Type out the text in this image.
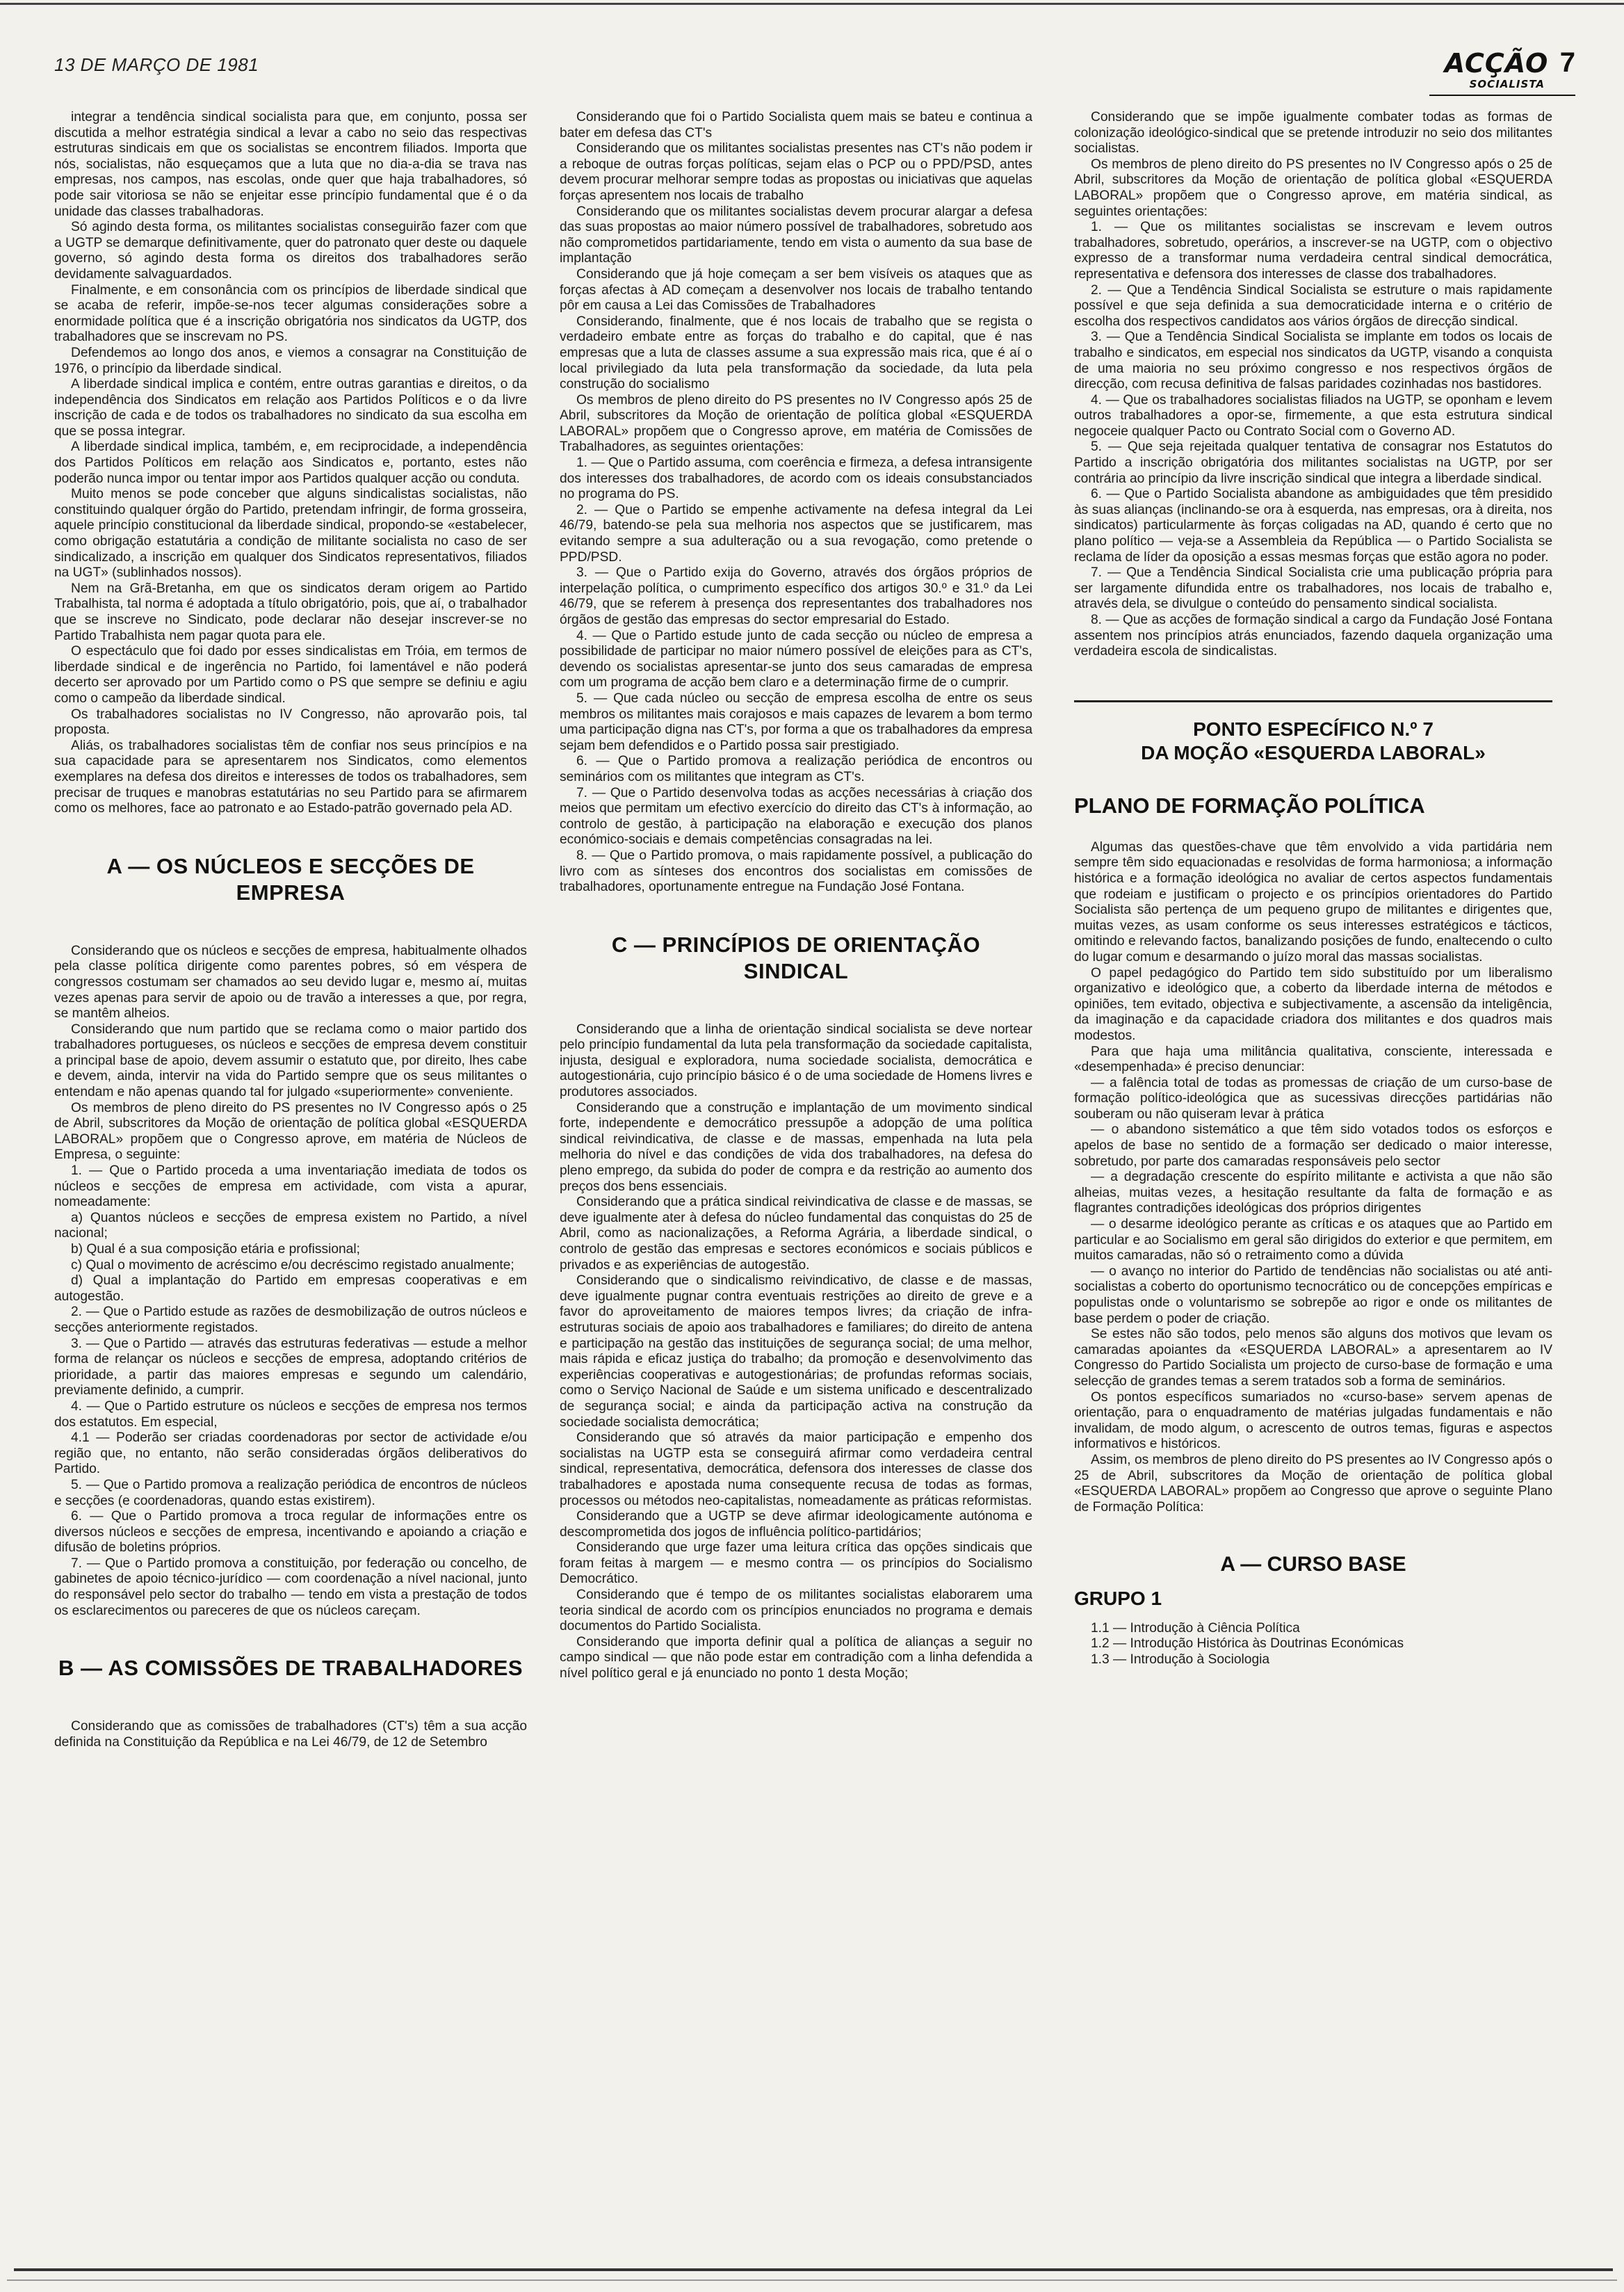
13 DE MARÇO DE 1981	ACÇÃO 7
SOCIALISTA

integrar a tendência sindical socialista para que, em conjunto, possa ser discutida a melhor estratégia sindical a levar a cabo no seio das respectivas estruturas sindicais em que os socialistas se encontrem filiados. Importa que nós, socialistas, não esqueçamos que a luta que no dia-a-dia se trava nas empresas, nos campos, nas escolas, onde quer que haja trabalhadores, só pode sair vitoriosa se não se enjeitar esse princípio fundamental que é o da unidade das classes trabalhadoras.

Só agindo desta forma, os militantes socialistas conseguirão fazer com que a UGTP se demarque definitivamente, quer do patronato quer deste ou daquele governo, só agindo desta forma os direitos dos trabalhadores serão devidamente salvaguardados.

Finalmente, e em consonância com os princípios de liberdade sindical que se acaba de referir, impõe-se-nos tecer algumas considerações sobre a enormidade política que é a inscrição obrigatória nos sindicatos da UGTP, dos trabalhadores que se inscrevam no PS.

Defendemos ao longo dos anos, e viemos a consagrar na Constituição de 1976, o princípio da liberdade sindical.

A liberdade sindical implica e contém, entre outras garantias e direitos, o da independência dos Sindicatos em relação aos Partidos Políticos e o da livre inscrição de cada e de todos os trabalhadores no sindicato da sua escolha em que se possa integrar.

A liberdade sindical implica, também, e, em reciprocidade, a independência dos Partidos Políticos em relação aos Sindicatos e, portanto, estes não poderão nunca impor ou tentar impor aos Partidos qualquer acção ou conduta.

Muito menos se pode conceber que alguns sindicalistas socialistas, não constituindo qualquer órgão do Partido, pretendam infringir, de forma grosseira, aquele princípio constitucional da liberdade sindical, propondo-se «estabelecer, como obrigação estatutária a condição de militante socialista no caso de ser sindicalizado, a inscrição em qualquer dos Sindicatos representativos, filiados na UGT» (sublinhados nossos).

Nem na Grã-Bretanha, em que os sindicatos deram origem ao Partido Trabalhista, tal norma é adoptada a título obrigatório, pois, que aí, o trabalhador que se inscreve no Sindicato, pode declarar não desejar inscrever-se no Partido Trabalhista nem pagar quota para ele.

O espectáculo que foi dado por esses sindicalistas em Tróia, em termos de liberdade sindical e de ingerência no Partido, foi lamentável e não poderá decerto ser aprovado por um Partido como o PS que sempre se definiu e agiu como o campeão da liberdade sindical.

Os trabalhadores socialistas no IV Congresso, não aprovarão pois, tal proposta.

Aliás, os trabalhadores socialistas têm de confiar nos seus princípios e na sua capacidade para se apresentarem nos Sindicatos, como elementos exemplares na defesa dos direitos e interesses de todos os trabalhadores, sem precisar de truques e manobras estatutárias no seu Partido para se afirmarem como os melhores, face ao patronato e ao Estado-patrão governado pela AD.

A — OS NÚCLEOS E SECÇÕES DE EMPRESA

Considerando que os núcleos e secções de empresa, habitualmente olhados pela classe política dirigente como parentes pobres, só em véspera de congressos costumam ser chamados ao seu devido lugar e, mesmo aí, muitas vezes apenas para servir de apoio ou de travão a interesses a que, por regra, se mantêm alheios.

Considerando que num partido que se reclama como o maior partido dos trabalhadores portugueses, os núcleos e secções de empresa devem constituir a principal base de apoio, devem assumir o estatuto que, por direito, lhes cabe e devem, ainda, intervir na vida do Partido sempre que os seus militantes o entendam e não apenas quando tal for julgado «superiormente» conveniente.

Os membros de pleno direito do PS presentes no IV Congresso após o 25 de Abril, subscritores da Moção de orientação de política global «ESQUERDA LABORAL» propõem que o Congresso aprove, em matéria de Núcleos de Empresa, o seguinte:

1. — Que o Partido proceda a uma inventariação imediata de todos os núcleos e secções de empresa em actividade, com vista a apurar, nomeadamente:

a) Quantos núcleos e secções de empresa existem no Partido, a nível nacional;

b) Qual é a sua composição etária e profissional;

c) Qual o movimento de acréscimo e/ou decréscimo registado anualmente;

d) Qual a implantação do Partido em empresas cooperativas e em autogestão.

2. — Que o Partido estude as razões de desmobilização de outros núcleos e secções anteriormente registados.

3. — Que o Partido — através das estruturas federativas — estude a melhor forma de relançar os núcleos e secções de empresa, adoptando critérios de prioridade, a partir das maiores empresas e segundo um calendário, previamente definido, a cumprir.

4. — Que o Partido estruture os núcleos e secções de empresa nos termos dos estatutos. Em especial,

4.1 — Poderão ser criadas coordenadoras por sector de actividade e/ou região que, no entanto, não serão consideradas órgãos deliberativos do Partido.

5. — Que o Partido promova a realização periódica de encontros de núcleos e secções (e coordenadoras, quando estas existirem).

6. — Que o Partido promova a troca regular de informações entre os diversos núcleos e secções de empresa, incentivando e apoiando a criação e difusão de boletins próprios.

7. — Que o Partido promova a constituição, por federação ou concelho, de gabinetes de apoio técnico-jurídico — com coordenação a nível nacional, junto do responsável pelo sector do trabalho — tendo em vista a prestação de todos os esclarecimentos ou pareceres de que os núcleos careçam.

B — AS COMISSÕES DE TRABALHADORES

Considerando que as comissões de trabalhadores (CT's) têm a sua acção definida na Constituição da República e na Lei 46/79, de 12 de Setembro

Considerando que foi o Partido Socialista quem mais se bateu e continua a bater em defesa das CT's

Considerando que os militantes socialistas presentes nas CT's não podem ir a reboque de outras forças políticas, sejam elas o PCP ou o PPD/PSD, antes devem procurar melhorar sempre todas as propostas ou iniciativas que aquelas forças apresentem nos locais de trabalho

Considerando que os militantes socialistas devem procurar alargar a defesa das suas propostas ao maior número possível de trabalhadores, sobretudo aos não comprometidos partidariamente, tendo em vista o aumento da sua base de implantação

Considerando que já hoje começam a ser bem visíveis os ataques que as forças afectas à AD começam a desenvolver nos locais de trabalho tentando pôr em causa a Lei das Comissões de Trabalhadores

Considerando, finalmente, que é nos locais de trabalho que se regista o verdadeiro embate entre as forças do trabalho e do capital, que é nas empresas que a luta de classes assume a sua expressão mais rica, que é aí o local privilegiado da luta pela transformação da sociedade, da luta pela construção do socialismo

Os membros de pleno direito do PS presentes no IV Congresso após 25 de Abril, subscritores da Moção de orientação de política global «ESQUERDA LABORAL» propõem que o Congresso aprove, em matéria de Comissões de Trabalhadores, as seguintes orientações:

1. — Que o Partido assuma, com coerência e firmeza, a defesa intransigente dos interesses dos trabalhadores, de acordo com os ideais consubstanciados no programa do PS.

2. — Que o Partido se empenhe activamente na defesa integral da Lei 46/79, batendo-se pela sua melhoria nos aspectos que se justificarem, mas evitando sempre a sua adulteração ou a sua revogação, como pretende o PPD/PSD.

3. — Que o Partido exija do Governo, através dos órgãos próprios de interpelação política, o cumprimento específico dos artigos 30.º e 31.º da Lei 46/79, que se referem à presença dos representantes dos trabalhadores nos órgãos de gestão das empresas do sector empresarial do Estado.

4. — Que o Partido estude junto de cada secção ou núcleo de empresa a possibilidade de participar no maior número possível de eleições para as CT's, devendo os socialistas apresentar-se junto dos seus camaradas de empresa com um programa de acção bem claro e a determinação firme de o cumprir.

5. — Que cada núcleo ou secção de empresa escolha de entre os seus membros os militantes mais corajosos e mais capazes de levarem a bom termo uma participação digna nas CT's, por forma a que os trabalhadores da empresa sejam bem defendidos e o Partido possa sair prestigiado.

6. — Que o Partido promova a realização periódica de encontros ou seminários com os militantes que integram as CT's.

7. — Que o Partido desenvolva todas as acções necessárias à criação dos meios que permitam um efectivo exercício do direito das CT's à informação, ao controlo de gestão, à participação na elaboração e execução dos planos económico-sociais e demais competências consagradas na lei.

8. — Que o Partido promova, o mais rapidamente possível, a publicação do livro com as sínteses dos encontros dos socialistas em comissões de trabalhadores, oportunamente entregue na Fundação José Fontana.

C — PRINCÍPIOS DE ORIENTAÇÃO SINDICAL

Considerando que a linha de orientação sindical socialista se deve nortear pelo princípio fundamental da luta pela transformação da sociedade capitalista, injusta, desigual e exploradora, numa sociedade socialista, democrática e autogestionária, cujo princípio básico é o de uma sociedade de Homens livres e produtores associados.

Considerando que a construção e implantação de um movimento sindical forte, independente e democrático pressupõe a adopção de uma política sindical reivindicativa, de classe e de massas, empenhada na luta pela melhoria do nível e das condições de vida dos trabalhadores, na defesa do pleno emprego, da subida do poder de compra e da restrição ao aumento dos preços dos bens essenciais.

Considerando que a prática sindical reivindicativa de classe e de massas, se deve igualmente ater à defesa do núcleo fundamental das conquistas do 25 de Abril, como as nacionalizações, a Reforma Agrária, a liberdade sindical, o controlo de gestão das empresas e sectores económicos e sociais públicos e privados e as experiências de autogestão.

Considerando que o sindicalismo reivindicativo, de classe e de massas, deve igualmente pugnar contra eventuais restrições ao direito de greve e a favor do aproveitamento de maiores tempos livres; da criação de infra-estruturas sociais de apoio aos trabalhadores e familiares; do direito de antena e participação na gestão das instituições de segurança social; de uma melhor, mais rápida e eficaz justiça do trabalho; da promoção e desenvolvimento das experiências cooperativas e autogestionárias; de profundas reformas sociais, como o Serviço Nacional de Saúde e um sistema unificado e descentralizado de segurança social; e ainda da participação activa na construção da sociedade socialista democrática;

Considerando que só através da maior participação e empenho dos socialistas na UGTP esta se conseguirá afirmar como verdadeira central sindical, representativa, democrática, defensora dos interesses de classe dos trabalhadores e apostada numa consequente recusa de todas as formas, processos ou métodos neo-capitalistas, nomeadamente as práticas reformistas.

Considerando que a UGTP se deve afirmar ideologicamente autónoma e descomprometida dos jogos de influência político-partidários;

Considerando que urge fazer uma leitura crítica das opções sindicais que foram feitas à margem — e mesmo contra — os princípios do Socialismo Democrático.

Considerando que é tempo de os militantes socialistas elaborarem uma teoria sindical de acordo com os princípios enunciados no programa e demais documentos do Partido Socialista.

Considerando que importa definir qual a política de alianças a seguir no campo sindical — que não pode estar em contradição com a linha defendida a nível político geral e já enunciado no ponto 1 desta Moção;

Considerando que se impõe igualmente combater todas as formas de colonização ideológico-sindical que se pretende introduzir no seio dos militantes socialistas.

Os membros de pleno direito do PS presentes no IV Congresso após o 25 de Abril, subscritores da Moção de orientação de política global «ESQUERDA LABORAL» propõem que o Congresso aprove, em matéria sindical, as seguintes orientações:

1. — Que os militantes socialistas se inscrevam e levem outros trabalhadores, sobretudo, operários, a inscrever-se na UGTP, com o objectivo expresso de a transformar numa verdadeira central sindical democrática, representativa e defensora dos interesses de classe dos trabalhadores.

2. — Que a Tendência Sindical Socialista se estruture o mais rapidamente possível e que seja definida a sua democraticidade interna e o critério de escolha dos respectivos candidatos aos vários órgãos de direcção sindical.

3. — Que a Tendência Sindical Socialista se implante em todos os locais de trabalho e sindicatos, em especial nos sindicatos da UGTP, visando a conquista de uma maioria no seu próximo congresso e nos respectivos órgãos de direcção, com recusa definitiva de falsas paridades cozinhadas nos bastidores.

4. — Que os trabalhadores socialistas filiados na UGTP, se oponham e levem outros trabalhadores a opor-se, firmemente, a que esta estrutura sindical negoceie qualquer Pacto ou Contrato Social com o Governo AD.

5. — Que seja rejeitada qualquer tentativa de consagrar nos Estatutos do Partido a inscrição obrigatória dos militantes socialistas na UGTP, por ser contrária ao princípio da livre inscrição sindical que integra a liberdade sindical.

6. — Que o Partido Socialista abandone as ambiguidades que têm presidido às suas alianças (inclinando-se ora à esquerda, nas empresas, ora à direita, nos sindicatos) particularmente às forças coligadas na AD, quando é certo que no plano político — veja-se a Assembleia da República — o Partido Socialista se reclama de líder da oposição a essas mesmas forças que estão agora no poder.

7. — Que a Tendência Sindical Socialista crie uma publicação própria para ser largamente difundida entre os trabalhadores, nos locais de trabalho e, através dela, se divulgue o conteúdo do pensamento sindical socialista.

8. — Que as acções de formação sindical a cargo da Fundação José Fontana assentem nos princípios atrás enunciados, fazendo daquela organização uma verdadeira escola de sindicalistas.

PONTO ESPECÍFICO N.º 7
DA MOÇÃO «ESQUERDA LABORAL»
PLANO DE FORMAÇÃO POLÍTICA

Algumas das questões-chave que têm envolvido a vida partidária nem sempre têm sido equacionadas e resolvidas de forma harmoniosa; a informação histórica e a formação ideológica no avaliar de certos aspectos fundamentais que rodeiam e justificam o projecto e os princípios orientadores do Partido Socialista são pertença de um pequeno grupo de militantes e dirigentes que, muitas vezes, as usam conforme os seus interesses estratégicos e tácticos, omitindo e relevando factos, banalizando posições de fundo, enaltecendo o culto do lugar comum e desarmando o juízo moral das massas socialistas.

O papel pedagógico do Partido tem sido substituído por um liberalismo organizativo e ideológico que, a coberto da liberdade interna de métodos e opiniões, tem evitado, objectiva e subjectivamente, a ascensão da inteligência, da imaginação e da capacidade criadora dos militantes e dos quadros mais modestos.

Para que haja uma militância qualitativa, consciente, interessada e «desempenhada» é preciso denunciar:

— a falência total de todas as promessas de criação de um curso-base de formação político-ideológica que as sucessivas direcções partidárias não souberam ou não quiseram levar à prática

— o abandono sistemático a que têm sido votados todos os esforços e apelos de base no sentido de a formação ser dedicado o maior interesse, sobretudo, por parte dos camaradas responsáveis pelo sector

— a degradação crescente do espírito militante e activista a que não são alheias, muitas vezes, a hesitação resultante da falta de formação e as flagrantes contradições ideológicas dos próprios dirigentes

— o desarme ideológico perante as críticas e os ataques que ao Partido em particular e ao Socialismo em geral são dirigidos do exterior e que permitem, em muitos camaradas, não só o retraimento como a dúvida

— o avanço no interior do Partido de tendências não socialistas ou até anti-socialistas a coberto do oportunismo tecnocrático ou de concepções empíricas e populistas onde o voluntarismo se sobrepõe ao rigor e onde os militantes de base perdem o poder de criação.

Se estes não são todos, pelo menos são alguns dos motivos que levam os camaradas apoiantes da «ESQUERDA LABORAL» a apresentarem ao IV Congresso do Partido Socialista um projecto de curso-base de formação e uma selecção de grandes temas a serem tratados sob a forma de seminários.

Os pontos específicos sumariados no «curso-base» servem apenas de orientação, para o enquadramento de matérias julgadas fundamentais e não invalidam, de modo algum, o acrescento de outros temas, figuras e aspectos informativos e históricos.

Assim, os membros de pleno direito do PS presentes ao IV Congresso após o 25 de Abril, subscritores da Moção de orientação de política global «ESQUERDA LABORAL» propõem ao Congresso que aprove o seguinte Plano de Formação Política:

A — CURSO BASE
GRUPO 1

1.1 — Introdução à Ciência Política

1.2 — Introdução Histórica às Doutrinas Económicas

1.3 — Introdução à Sociologia
